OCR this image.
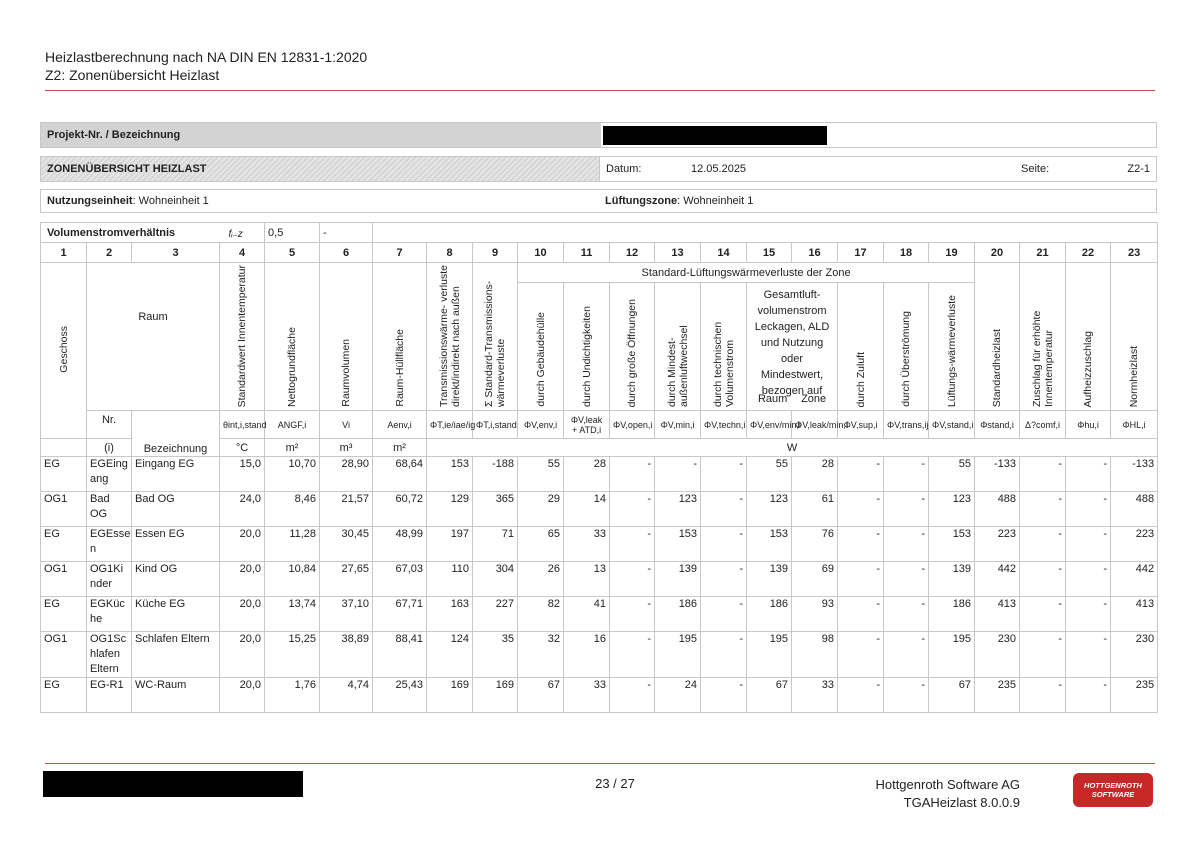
Heizlastberechnung nach NA DIN EN 12831-1:2020
Z2: Zonenübersicht Heizlast
Projekt-Nr. / Bezeichnung
ZONENÜBERSICHT HEIZLAST	Datum:	12.05.2025	Seite:	Z2-1
Nutzungseinheit: Wohneinheit 1	Lüftungszone: Wohneinheit 1
Volumenstromverhältnis fᵢ₋z				0,5	-																	
1	2	3	4	5	6	7	8	9	10	11	12	13	14	15	16	17	18	19	20	21	22	23
Geschoss	Raum		Standardwert Innentemperatur	Nettogrundfläche	Raumvolumen	Raum-Hüllfläche	Transmissionswärme- verluste direkt/indirekt nach außen	Σ Standard-Transmissions- wärmeverluste	Standard-Lüftungswärmeverluste der Zone										Standardheizlast	Zuschlag für erhöhte Innentemperatur	Aufheizzuschlag	Normheizlast
									durch Gebäudehülle	durch Undichtigkeiten	durch große Öffnungen	durch Mindest- außenluftwechsel	durch technischen Volumenstrom	Gesamtluft- volumenstrom Leckagen, ALD und Nutzung oder Mindestwert, bezogen auf
Raum Zone		durch Zuluft	durch Überströmung	Lüftungs-wärmeverluste				
	Nr.	Bezeichnung	θint,i,stand	ANGF,i	Vi	Aenv,i	ΦT,ie/iae/ig	ΦT,i,stand	ΦV,env,i	ΦV,leak + ATD,i	ΦV,open,i	ΦV,min,i	ΦV,techn,i	ΦV,env/min,i	ΦV,leak/min,i	ΦV,sup,i	ΦV,trans,ij	ΦV,stand,i	Φstand,i	Δ?comf,i	Φhu,i	ΦHL,i
	(i)		°C	m²	m³	m²	W															
EG	EGEing ang	Eingang EG	15,0	10,70	28,90	68,64	153	-188	55	28	-	-	-	55	28	-	-	55	-133	-	-	-133
OG1	Bad OG	Bad OG	24,0	8,46	21,57	60,72	129	365	29	14	-	123	-	123	61	-	-	123	488	-	-	488
EG	EGEsse n	Essen EG	20,0	11,28	30,45	48,99	197	71	65	33	-	153	-	153	76	-	-	153	223	-	-	223
OG1	OG1Ki nder	Kind OG	20,0	10,84	27,65	67,03	110	304	26	13	-	139	-	139	69	-	-	139	442	-	-	442
EG	EGKüc he	Küche EG	20,0	13,74	37,10	67,71	163	227	82	41	-	186	-	186	93	-	-	186	413	-	-	413
OG1	OG1Sc hlafen Eltern	Schlafen Eltern	20,0	15,25	38,89	88,41	124	35	32	16	-	195	-	195	98	-	-	195	230	-	-	230
EG	EG-R1	WC-Raum	20,0	1,76	4,74	25,43	169	169	67	33	-	24	-	67	33	-	-	67	235	-	-	235
23 / 27	Hottgenroth Software AG
TGAHeizlast 8.0.0.9
HOTTGENROTH
SOFTWARE
